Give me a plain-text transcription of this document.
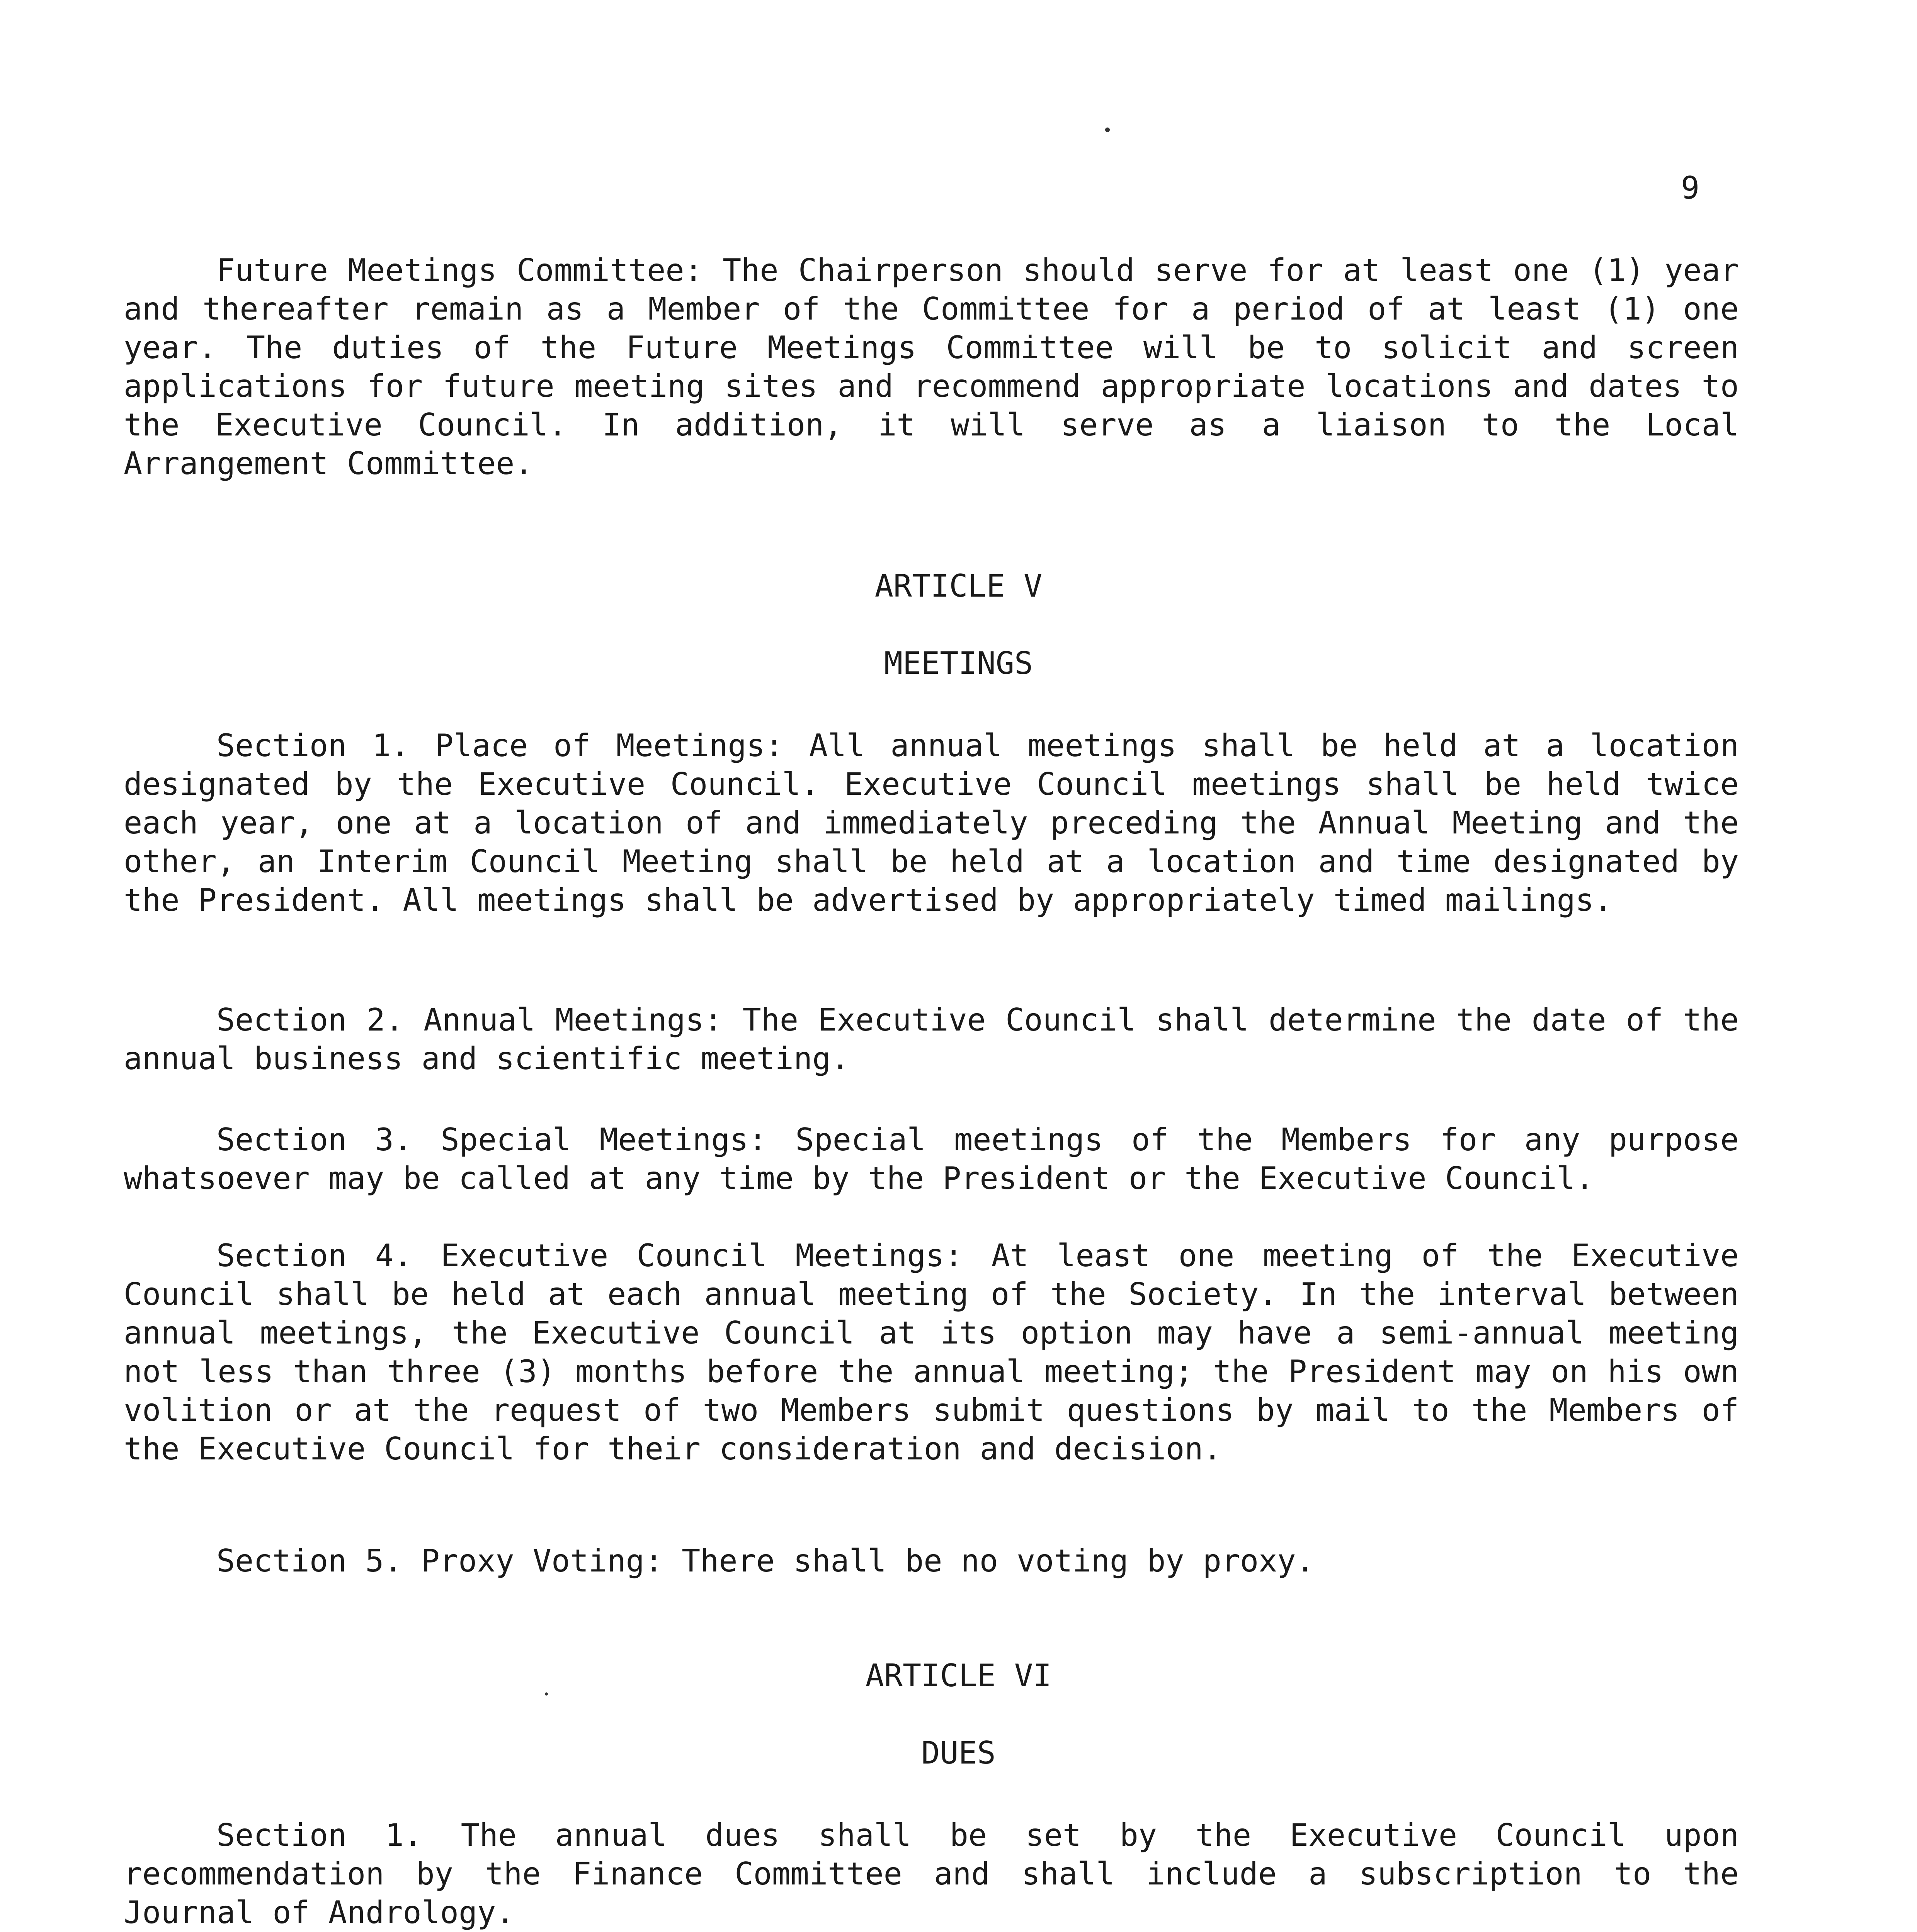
9

Future Meetings Committee: The Chairperson should serve for at least one (1) year and thereafter remain as a Member of the Committee for a period of at least (1) one year. The duties of the Future Meetings Committee will be to solicit and screen applications for future meeting sites and recommend appropriate locations and dates to the Executive Council. In addition, it will serve as a liaison to the Local Arrangement Committee.

ARTICLE V
MEETINGS

Section 1. Place of Meetings: All annual meetings shall be held at a location designated by the Executive Council. Executive Council meetings shall be held twice each year, one at a location of and immediately preceding the Annual Meeting and the other, an Interim Council Meeting shall be held at a location and time designated by the President. All meetings shall be advertised by appropriately timed mailings.

Section 2. Annual Meetings: The Executive Council shall determine the date of the annual business and scientific meeting.

Section 3. Special Meetings: Special meetings of the Members for any purpose whatsoever may be called at any time by the President or the Executive Council.

Section 4. Executive Council Meetings: At least one meeting of the Executive Council shall be held at each annual meeting of the Society. In the interval between annual meetings, the Executive Council at its option may have a semi-annual meeting not less than three (3) months before the annual meeting; the President may on his own volition or at the request of two Members submit questions by mail to the Members of the Executive Council for their consideration and decision.

Section 5. Proxy Voting: There shall be no voting by proxy.

ARTICLE VI
DUES

Section 1. The annual dues shall be set by the Executive Council upon recommendation by the Finance Committee and shall include a subscription to the Journal of Andrology.
